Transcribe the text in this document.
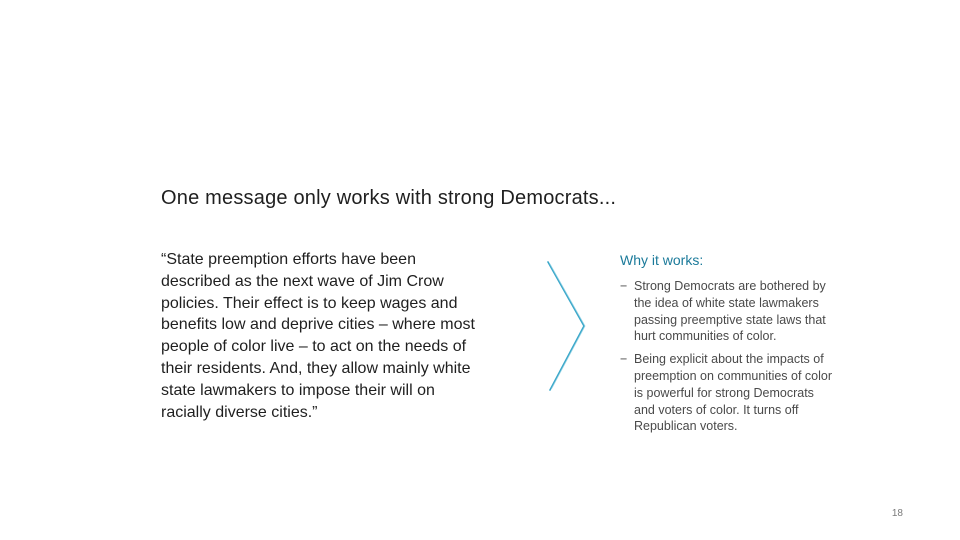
One message only works with strong Democrats...
“State preemption efforts have been
described as the next wave of Jim Crow
policies. Their effect is to keep wages and
benefits low and deprive cities – where most
people of color live – to act on the needs of
their residents. And, they allow mainly white
state lawmakers to impose their will on
racially diverse cities.”
Why it works:
− Strong Democrats are bothered by
the idea of white state lawmakers
passing preemptive state laws that
hurt communities of color.
− Being explicit about the impacts of
preemption on communities of color
is powerful for strong Democrats
and voters of color. It turns off
Republican voters.
18
